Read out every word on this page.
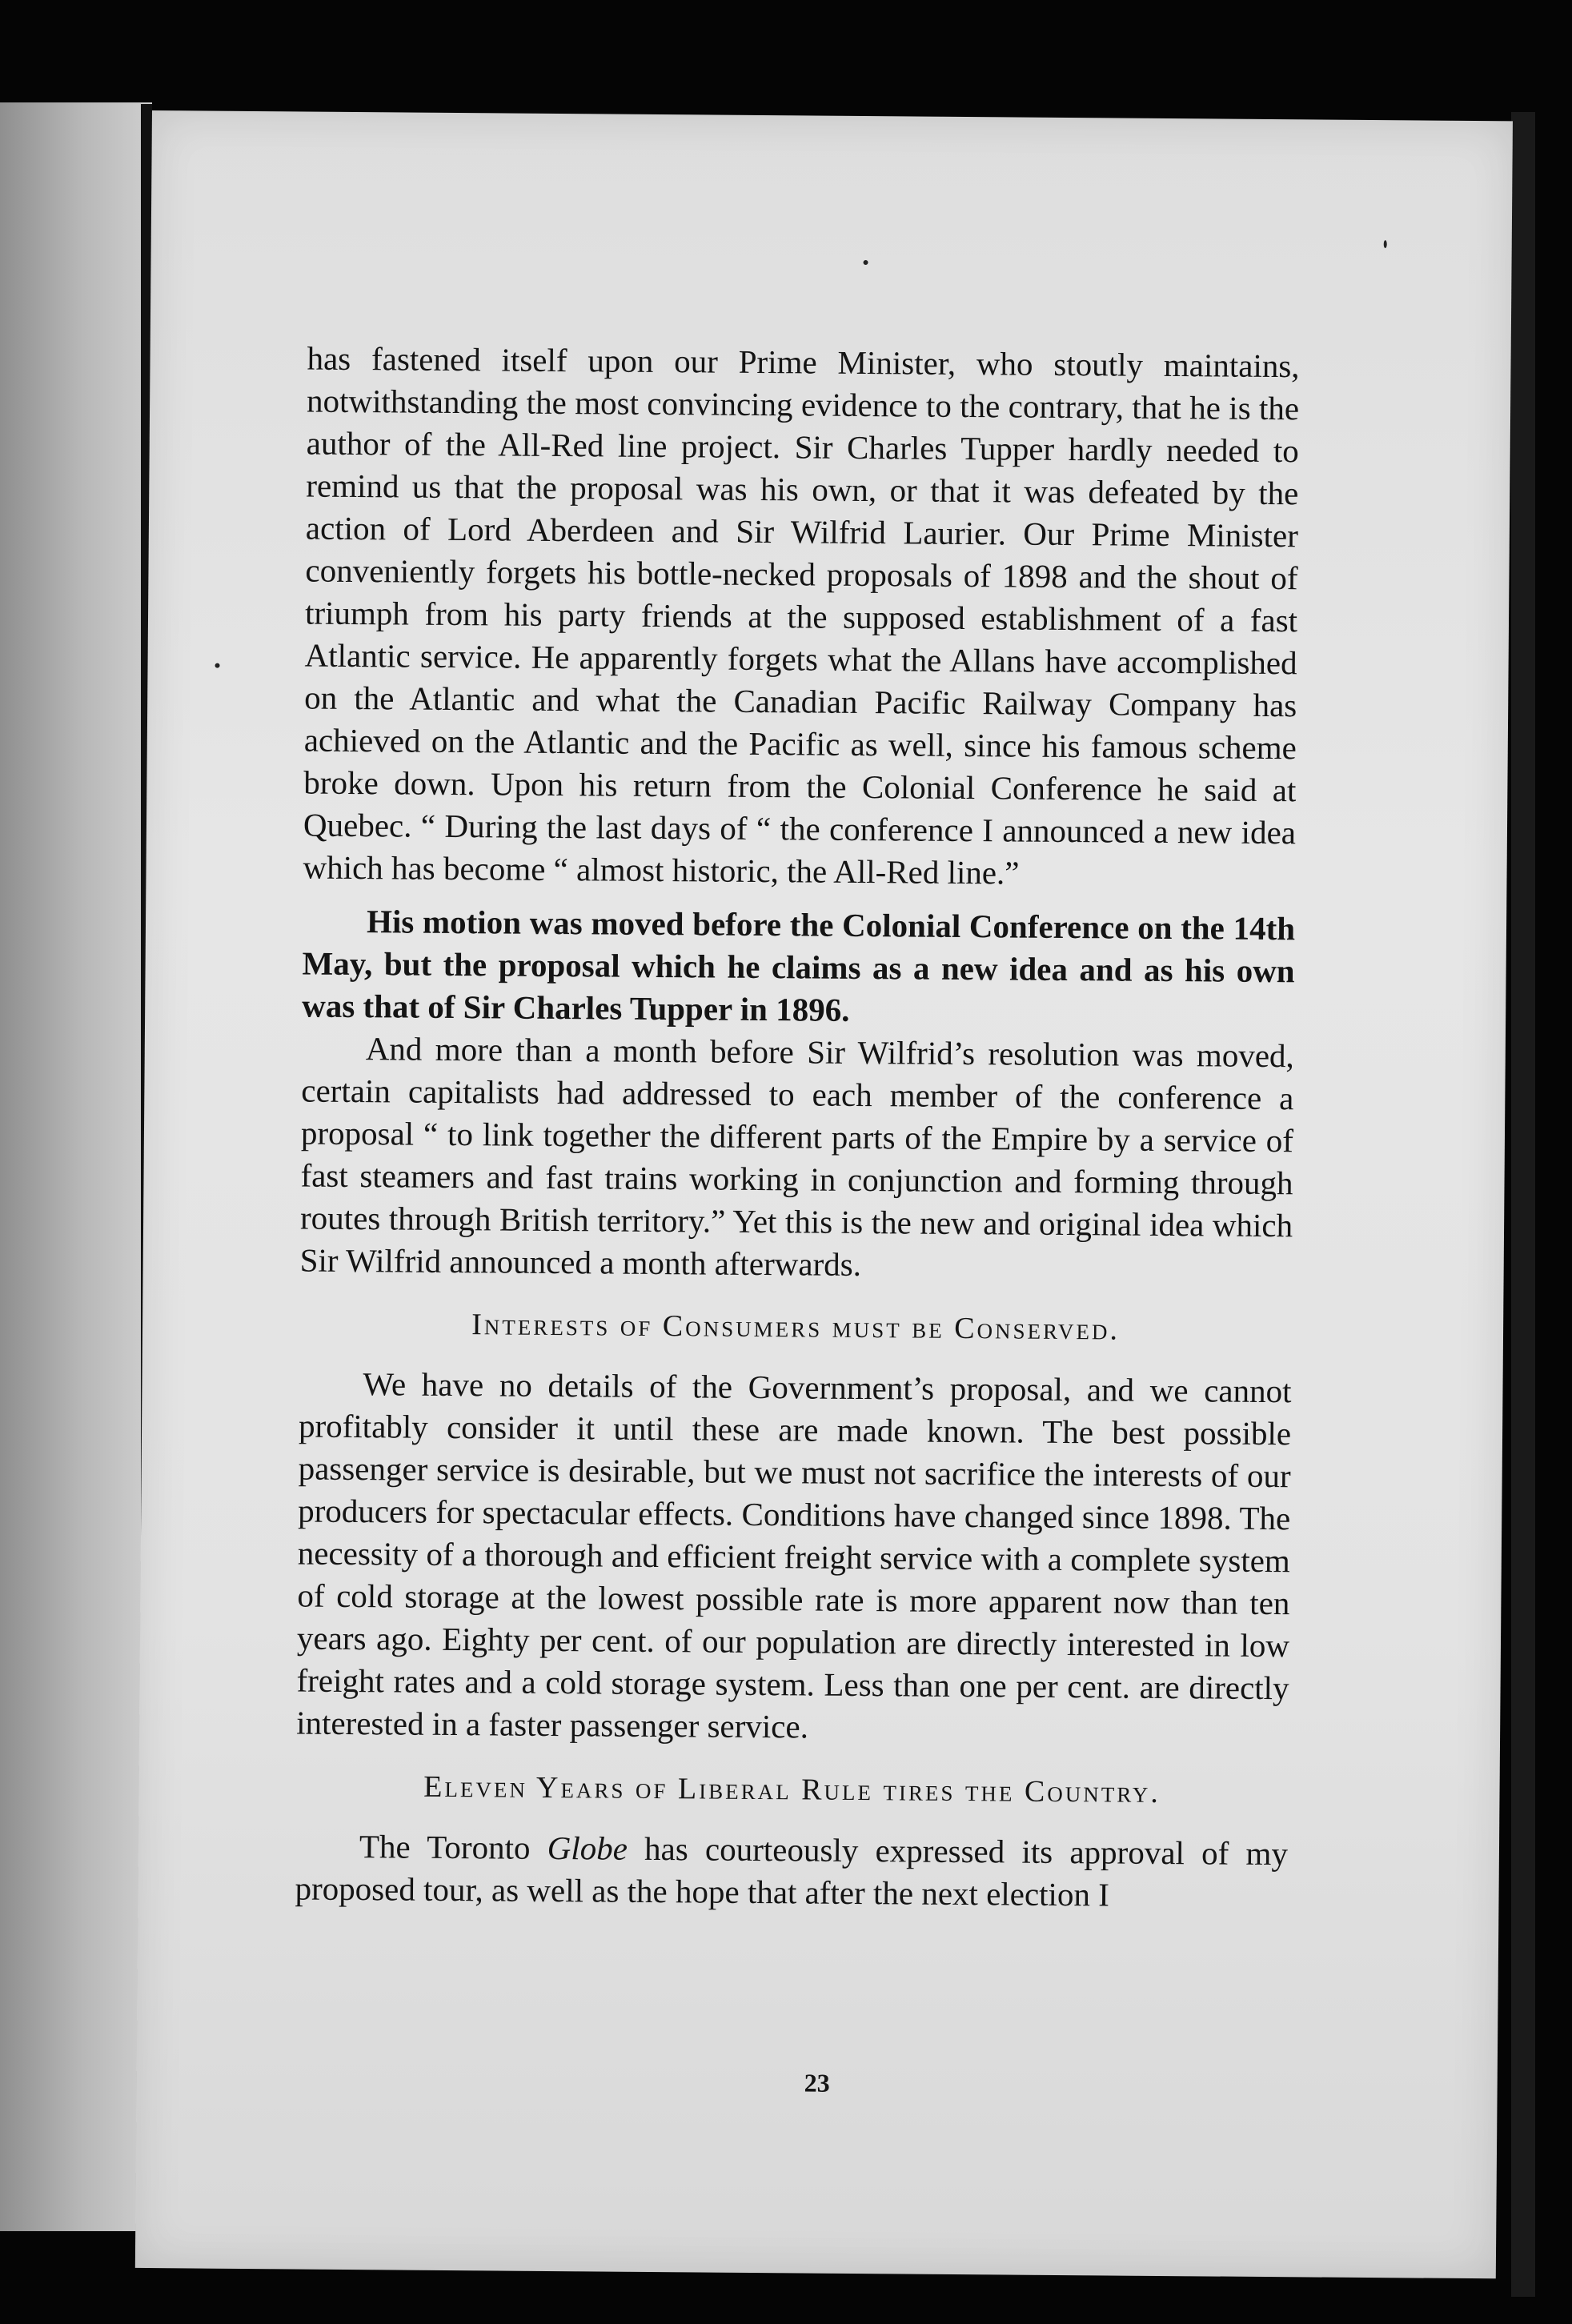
has fastened itself upon our Prime Minister, who stoutly maintains, notwithstanding the most convincing evidence to the contrary, that he is the author of the All-Red line project. Sir Charles Tupper hardly needed to remind us that the proposal was his own, or that it was defeated by the action of Lord Aberdeen and Sir Wilfrid Laurier. Our Prime Minister conveniently forgets his bottle-necked proposals of 1898 and the shout of triumph from his party friends at the supposed establishment of a fast Atlantic service. He apparently forgets what the Allans have accomplished on the Atlantic and what the Canadian Pacific Railway Company has achieved on the Atlantic and the Pacific as well, since his famous scheme broke down. Upon his return from the Colonial Conference he said at Quebec. “ During the last days of “ the conference I announced a new idea which has become “ almost historic, the All-Red line.”

His motion was moved before the Colonial Conference on the 14th May, but the proposal which he claims as a new idea and as his own was that of Sir Charles Tupper in 1896.

And more than a month before Sir Wilfrid’s resolution was moved, certain capitalists had addressed to each member of the conference a proposal “ to link together the different parts of the Empire by a service of fast steamers and fast trains working in conjunction and forming through routes through British territory.” Yet this is the new and original idea which Sir Wilfrid announced a month afterwards.

Interests of Consumers must be Conserved.

We have no details of the Government’s proposal, and we cannot profitably consider it until these are made known. The best possible passenger service is desirable, but we must not sacrifice the interests of our producers for spectacular effects. Conditions have changed since 1898. The necessity of a thorough and efficient freight service with a complete system of cold storage at the lowest possible rate is more apparent now than ten years ago. Eighty per cent. of our population are directly interested in low freight rates and a cold storage system. Less than one per cent. are directly interested in a faster passenger service.

Eleven Years of Liberal Rule tires the Country.

The Toronto Globe has courteously expressed its approval of my proposed tour, as well as the hope that after the next election I

23
